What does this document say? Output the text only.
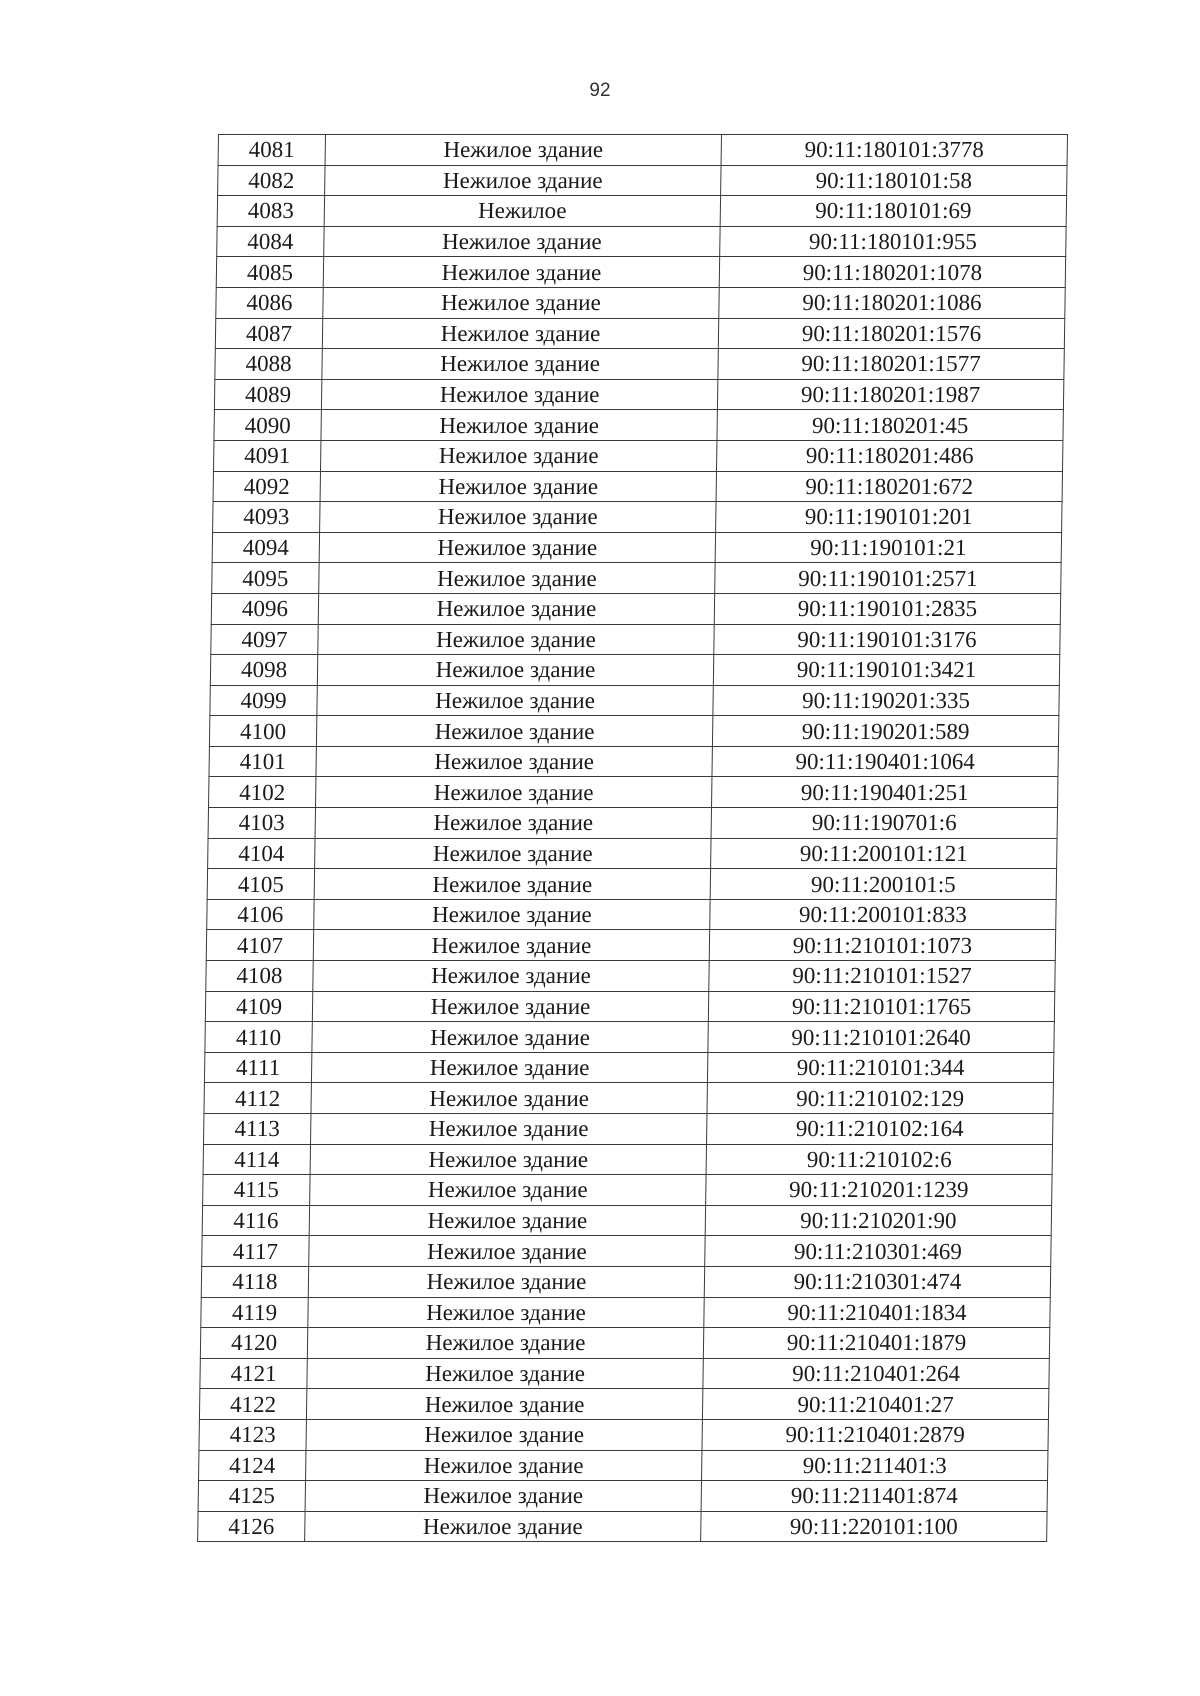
92
4081	Нежилое здание	90:11:180101:3778
4082	Нежилое здание	90:11:180101:58
4083	Нежилое	90:11:180101:69
4084	Нежилое здание	90:11:180101:955
4085	Нежилое здание	90:11:180201:1078
4086	Нежилое здание	90:11:180201:1086
4087	Нежилое здание	90:11:180201:1576
4088	Нежилое здание	90:11:180201:1577
4089	Нежилое здание	90:11:180201:1987
4090	Нежилое здание	90:11:180201:45
4091	Нежилое здание	90:11:180201:486
4092	Нежилое здание	90:11:180201:672
4093	Нежилое здание	90:11:190101:201
4094	Нежилое здание	90:11:190101:21
4095	Нежилое здание	90:11:190101:2571
4096	Нежилое здание	90:11:190101:2835
4097	Нежилое здание	90:11:190101:3176
4098	Нежилое здание	90:11:190101:3421
4099	Нежилое здание	90:11:190201:335
4100	Нежилое здание	90:11:190201:589
4101	Нежилое здание	90:11:190401:1064
4102	Нежилое здание	90:11:190401:251
4103	Нежилое здание	90:11:190701:6
4104	Нежилое здание	90:11:200101:121
4105	Нежилое здание	90:11:200101:5
4106	Нежилое здание	90:11:200101:833
4107	Нежилое здание	90:11:210101:1073
4108	Нежилое здание	90:11:210101:1527
4109	Нежилое здание	90:11:210101:1765
4110	Нежилое здание	90:11:210101:2640
4111	Нежилое здание	90:11:210101:344
4112	Нежилое здание	90:11:210102:129
4113	Нежилое здание	90:11:210102:164
4114	Нежилое здание	90:11:210102:6
4115	Нежилое здание	90:11:210201:1239
4116	Нежилое здание	90:11:210201:90
4117	Нежилое здание	90:11:210301:469
4118	Нежилое здание	90:11:210301:474
4119	Нежилое здание	90:11:210401:1834
4120	Нежилое здание	90:11:210401:1879
4121	Нежилое здание	90:11:210401:264
4122	Нежилое здание	90:11:210401:27
4123	Нежилое здание	90:11:210401:2879
4124	Нежилое здание	90:11:211401:3
4125	Нежилое здание	90:11:211401:874
4126	Нежилое здание	90:11:220101:100
